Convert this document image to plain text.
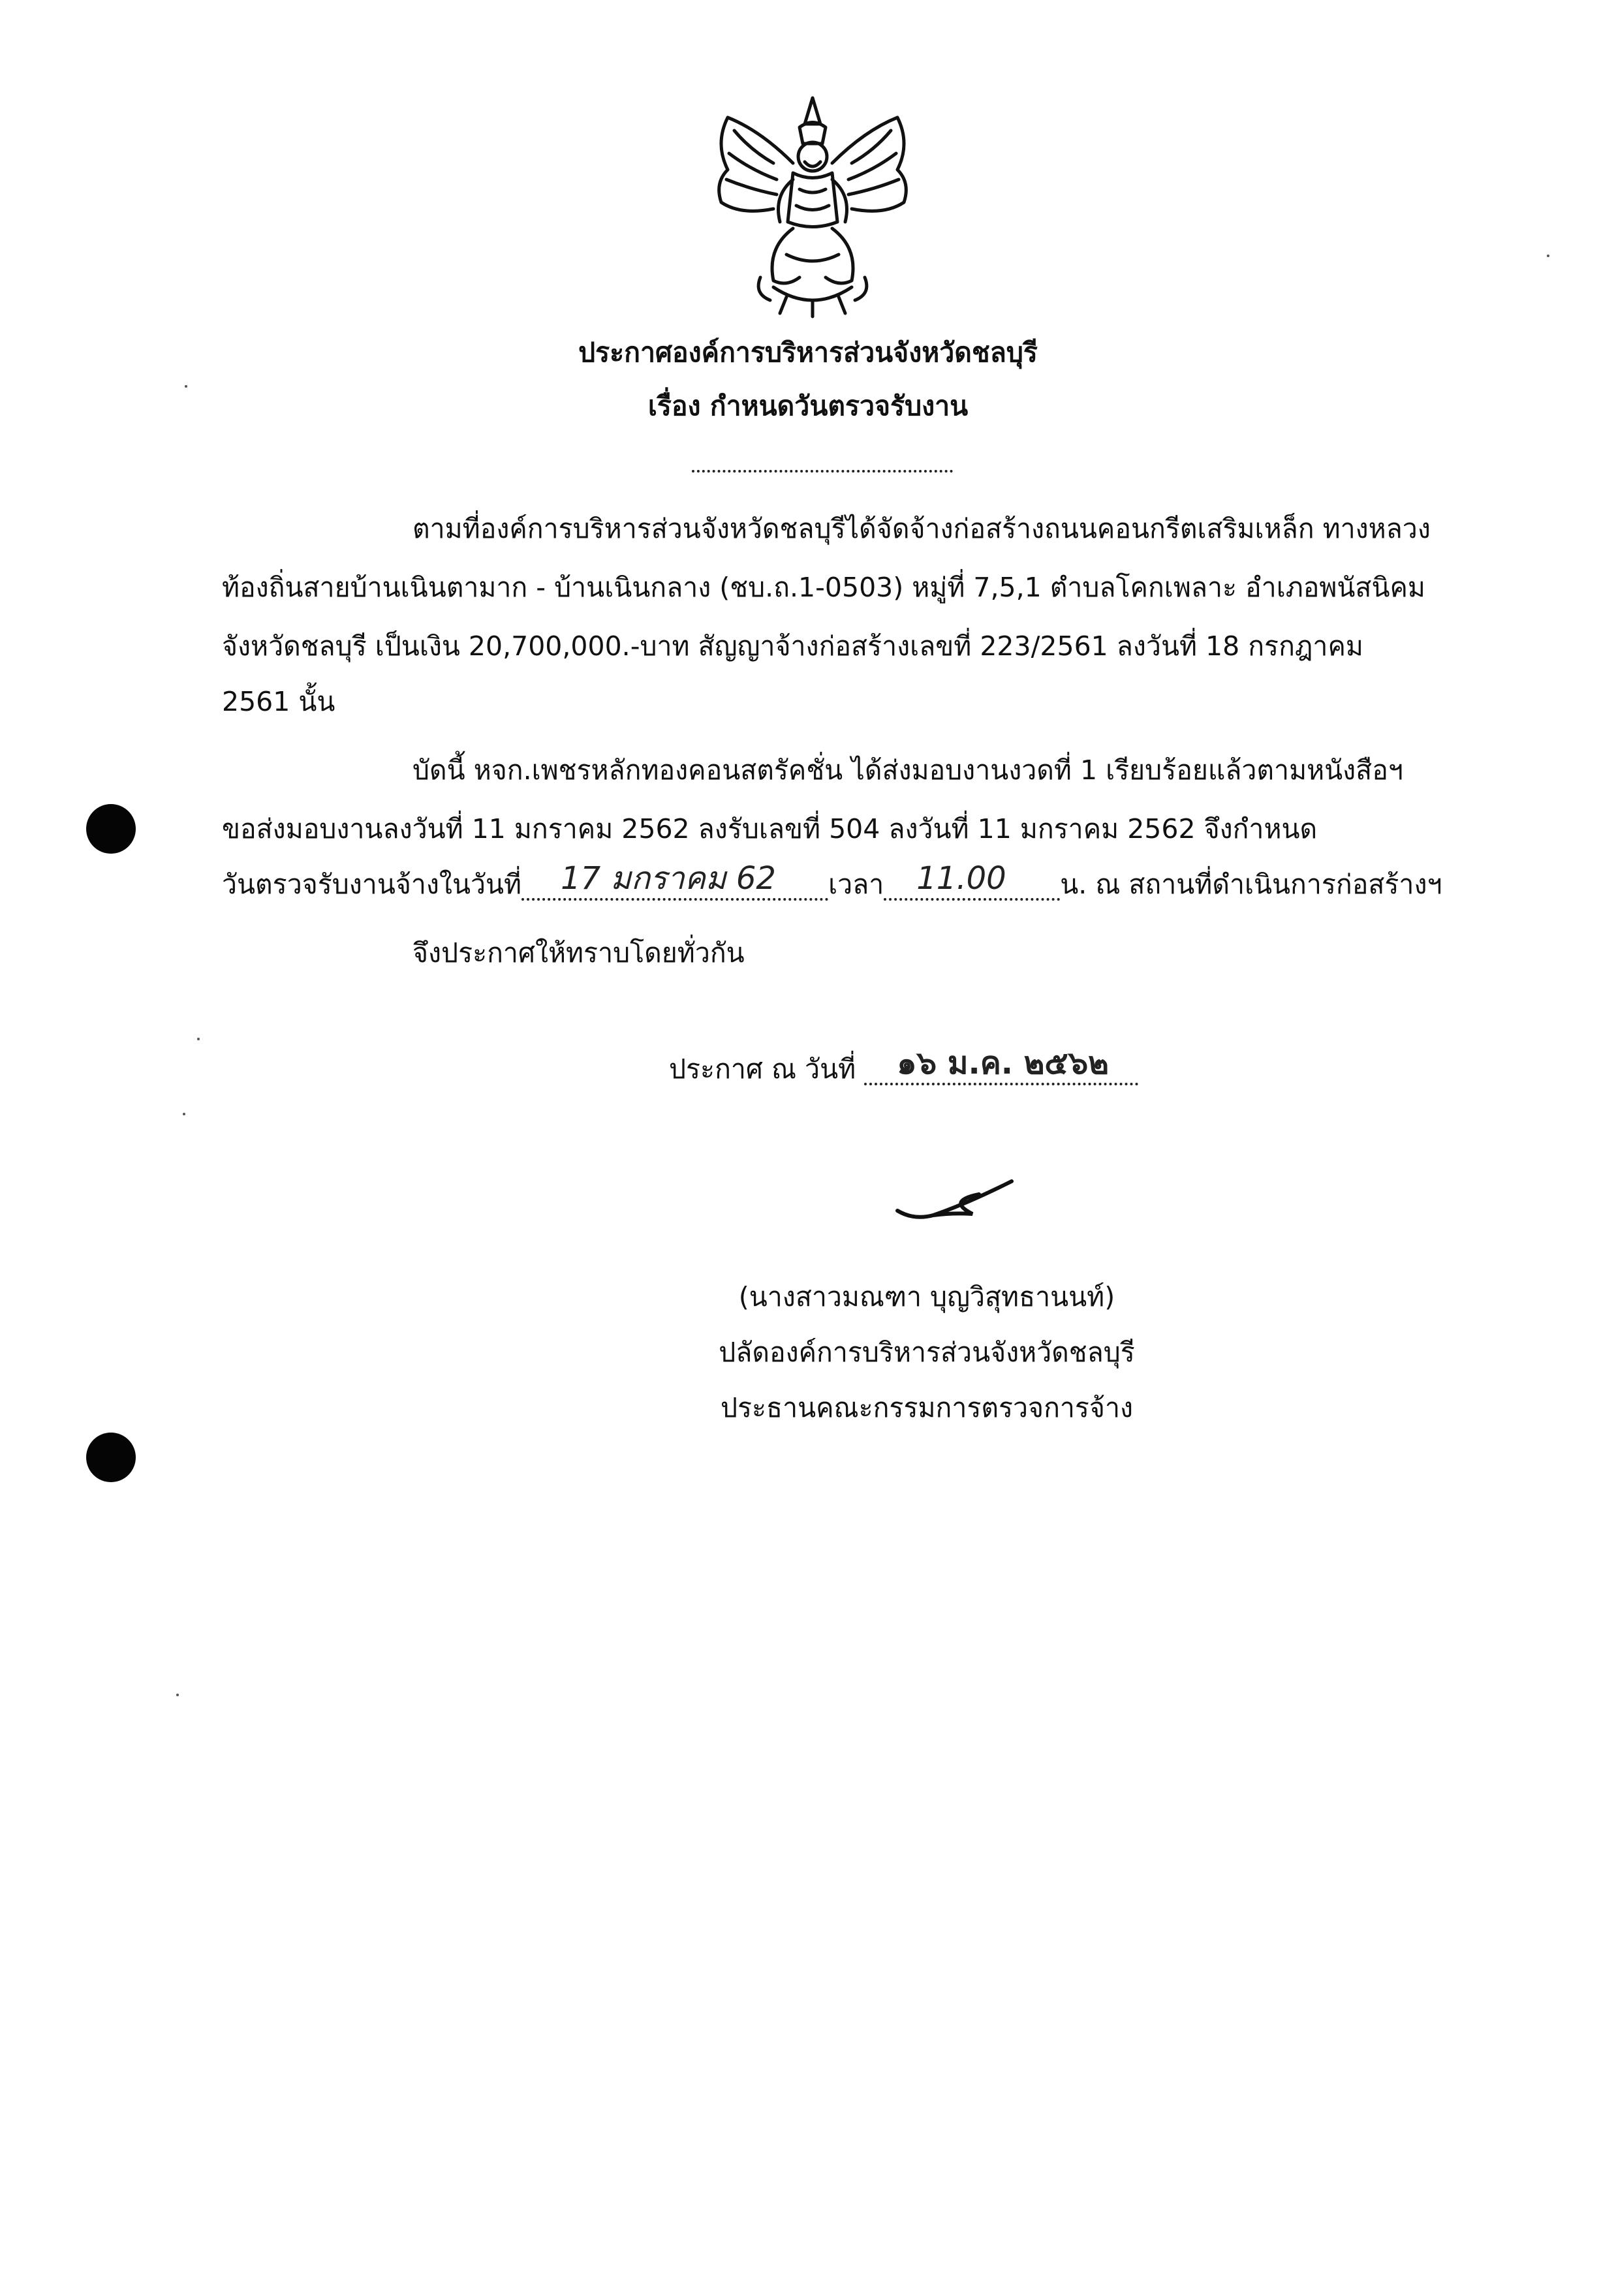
ประกาศองค์การบริหารส่วนจังหวัดชลบุรี
เรื่อง กำหนดวันตรวจรับงาน
ตามที่องค์การบริหารส่วนจังหวัดชลบุรีได้จัดจ้างก่อสร้างถนนคอนกรีตเสริมเหล็ก ทางหลวง
ท้องถิ่นสายบ้านเนินตามาก - บ้านเนินกลาง (ชบ.ถ.1-0503) หมู่ที่ 7,5,1 ตำบลโคกเพลาะ อำเภอพนัสนิคม
จังหวัดชลบุรี เป็นเงิน 20,700,000.-บาท สัญญาจ้างก่อสร้างเลขที่ 223/2561 ลงวันที่ 18 กรกฎาคม
2561 นั้น
บัดนี้ หจก.เพชรหลักทองคอนสตรัคชั่น ได้ส่งมอบงานงวดที่ 1 เรียบร้อยแล้วตามหนังสือฯ
ขอส่งมอบงานลงวันที่ 11 มกราคม 2562 ลงรับเลขที่ 504 ลงวันที่ 11 มกราคม 2562 จึงกำหนด
วันตรวจรับงานจ้างในวันที่ 17 มกราคม 62 เวลา 11.00 น. ณ สถานที่ดำเนินการก่อสร้างฯ
จึงประกาศให้ทราบโดยทั่วกัน
ประกาศ ณ วันที่ ๑๖ ม.ค. ๒๕๖๒

(นางสาวมณฑา บุญวิสุทธานนท์)
ปลัดองค์การบริหารส่วนจังหวัดชลบุรี
ประธานคณะกรรมการตรวจการจ้าง
